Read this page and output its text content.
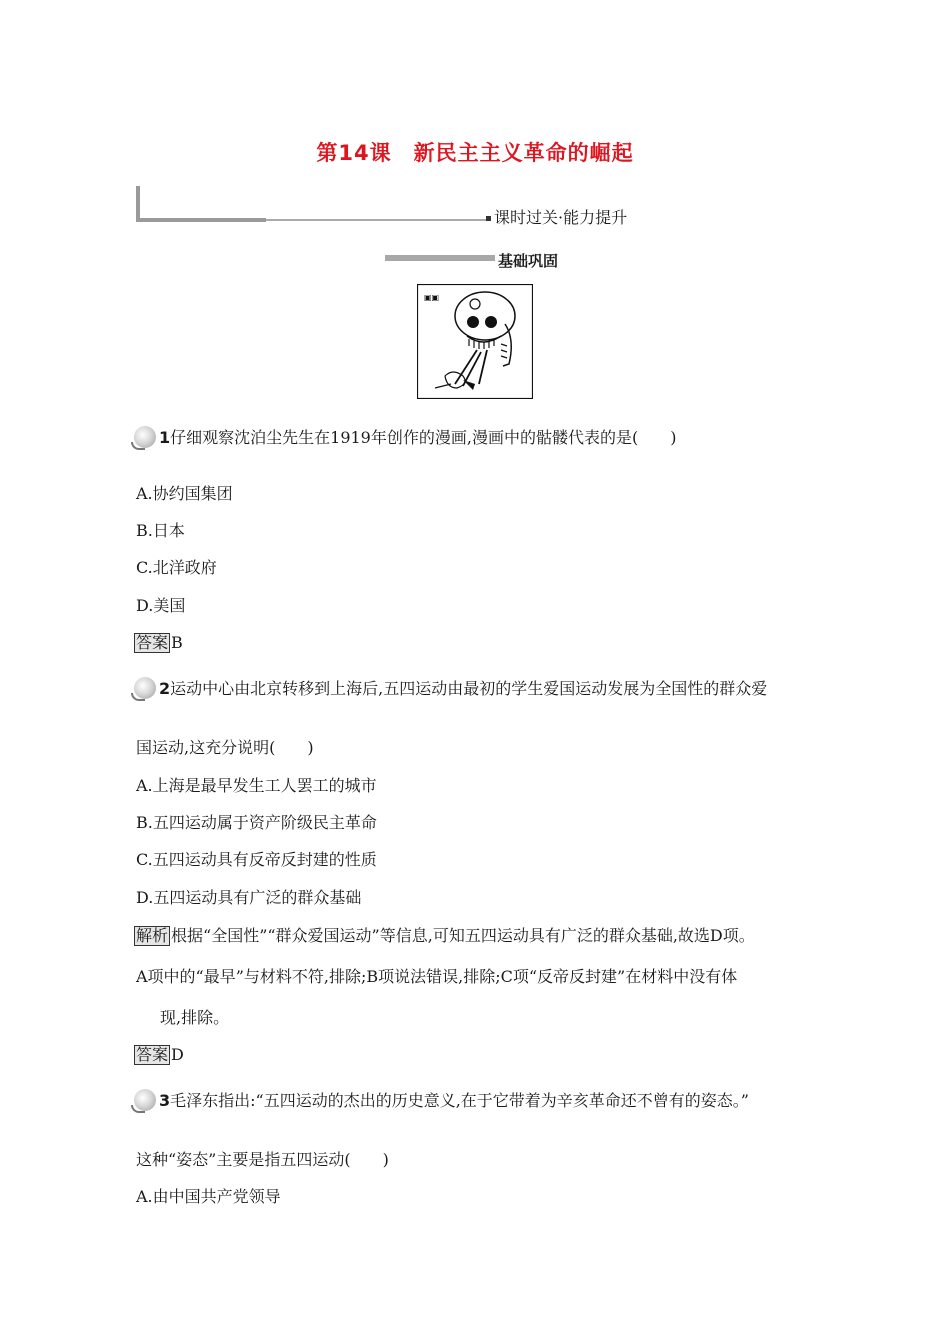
第14课　新民主主义革命的崛起
课时过关·能力提升
基础巩固
▣▣
1仔细观察沈泊尘先生在1919年创作的漫画,漫画中的骷髅代表的是(　　)
A.协约国集团
B.日本
C.北洋政府
D.美国
答案 B
2运动中心由北京转移到上海后,五四运动由最初的学生爱国运动发展为全国性的群众爱
国运动,这充分说明(　　)
A.上海是最早发生工人罢工的城市
B.五四运动属于资产阶级民主革命
C.五四运动具有反帝反封建的性质
D.五四运动具有广泛的群众基础
解析 根据“全国性”“群众爱国运动”等信息,可知五四运动具有广泛的群众基础,故选D项。
A项中的“最早”与材料不符,排除;B项说法错误,排除;C项“反帝反封建”在材料中没有体
现,排除。
答案 D
3毛泽东指出:“五四运动的杰出的历史意义,在于它带着为辛亥革命还不曾有的姿态。”
这种“姿态”主要是指五四运动(　　)
A.由中国共产党领导
